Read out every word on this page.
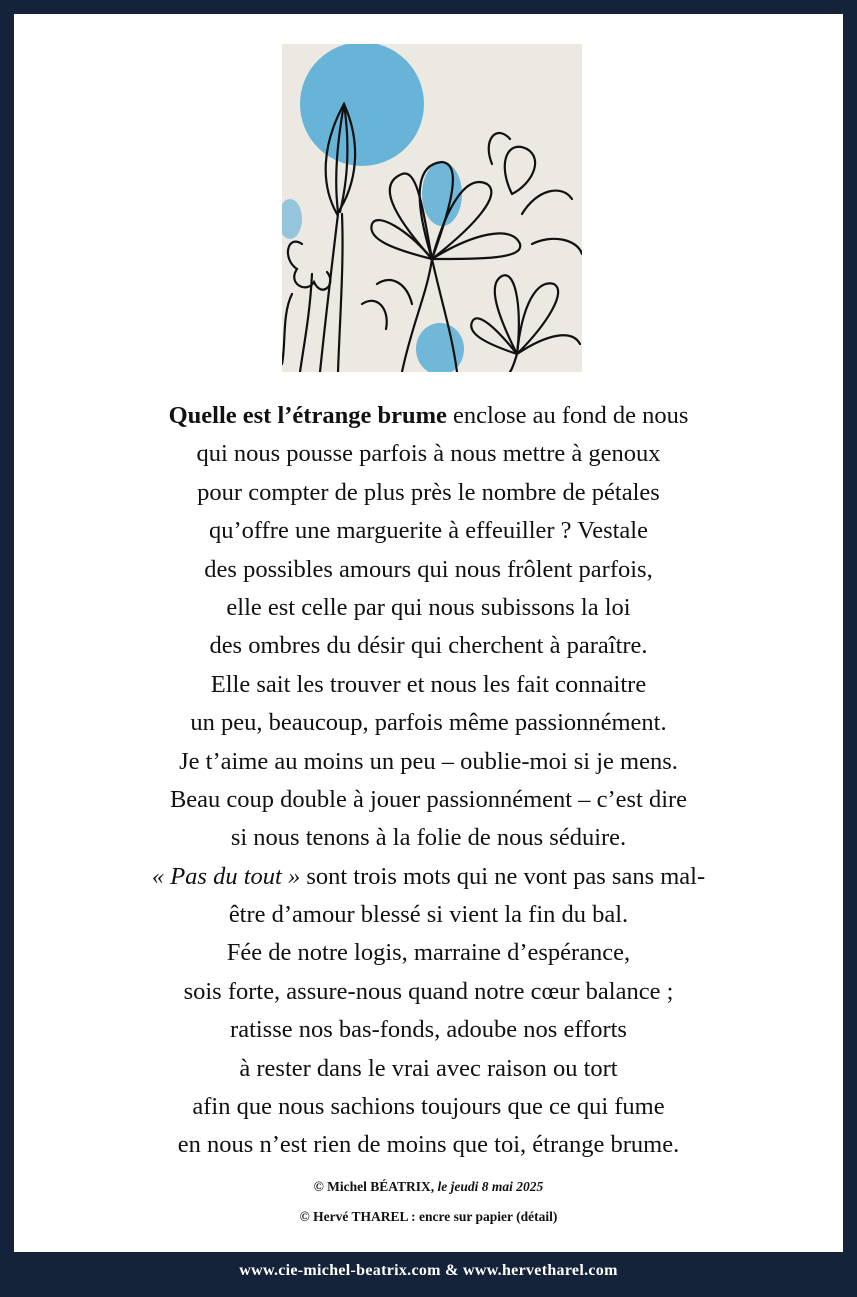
Quelle est l’étrange brume enclose au fond de nous
qui nous pousse parfois à nous mettre à genoux
pour compter de plus près le nombre de pétales
qu’offre une marguerite à effeuiller ? Vestale
des possibles amours qui nous frôlent parfois,
elle est celle par qui nous subissons la loi
des ombres du désir qui cherchent à paraître.
Elle sait les trouver et nous les fait connaitre
un peu, beaucoup, parfois même passionnément.
Je t’aime au moins un peu – oublie-moi si je mens.
Beau coup double à jouer passionnément – c’est dire
si nous tenons à la folie de nous séduire.
« Pas du tout » sont trois mots qui ne vont pas sans mal-
être d’amour blessé si vient la fin du bal.
Fée de notre logis, marraine d’espérance,
sois forte, assure-nous quand notre cœur balance ;
ratisse nos bas-fonds, adoube nos efforts
à rester dans le vrai avec raison ou tort
afin que nous sachions toujours que ce qui fume
en nous n’est rien de moins que toi, étrange brume.
© Michel BÉATRIX, le jeudi 8 mai 2025
© Hervé THAREL : encre sur papier (détail)
www.cie-michel-beatrix.com & www.hervetharel.com
